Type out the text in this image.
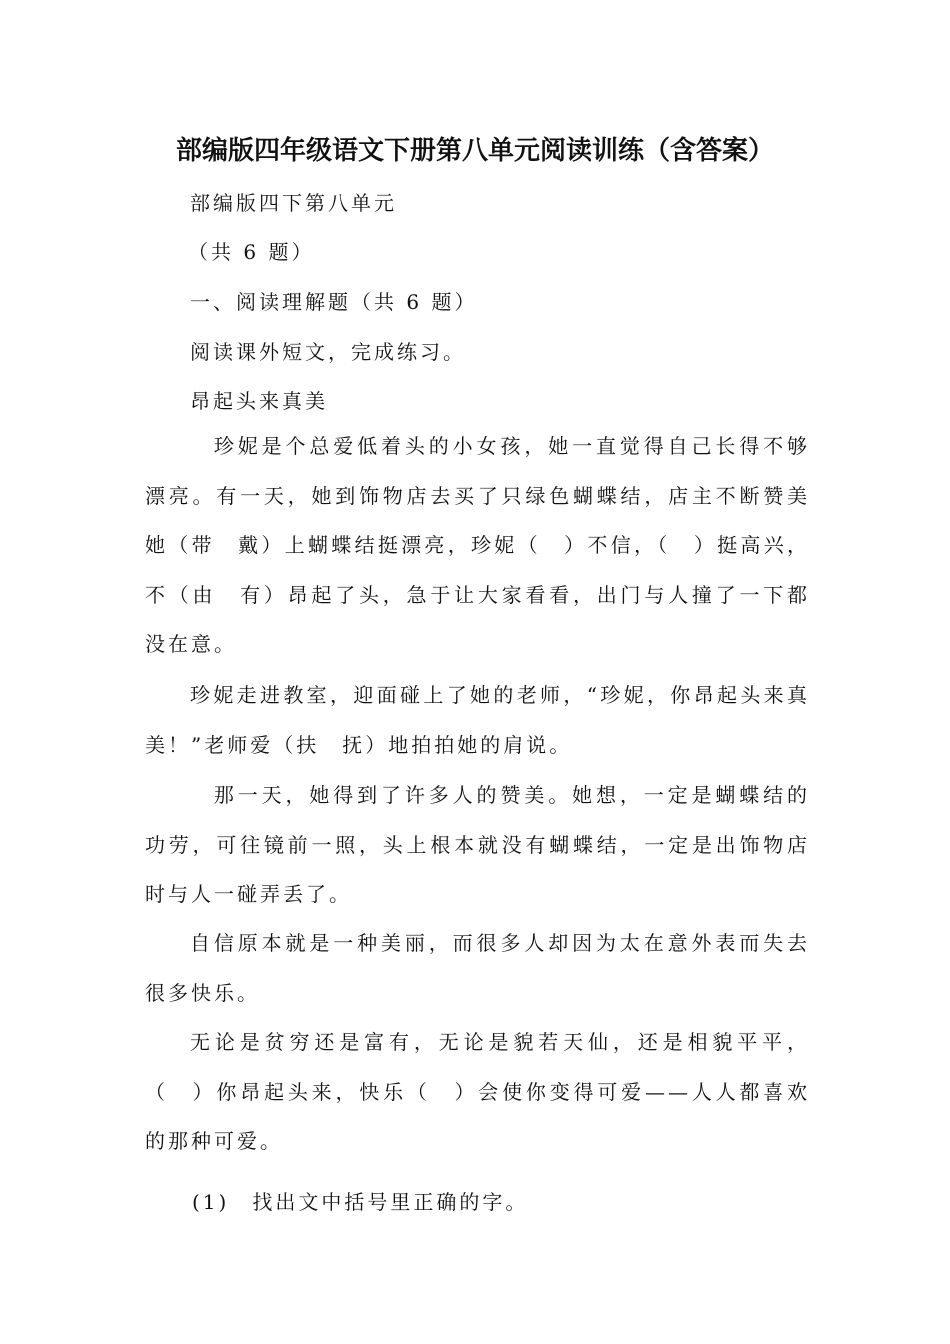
部编版四年级语文下册第八单元阅读训练（含答案）
部编版四下第八单元
（共 6 题）
一、阅读理解题（共 6 题）
阅读课外短文，完成练习。
昂起头来真美

　珍妮是个总爱低着头的小女孩，她一直觉得自己长得不够漂亮。有一天，她到饰物店去买了只绿色蝴蝶结，店主不断赞美她（带　戴）上蝴蝶结挺漂亮，珍妮（　）不信，（　）挺高兴，不（由　有）昂起了头，急于让大家看看，出门与人撞了一下都没在意。

珍妮走进教室，迎面碰上了她的老师，“珍妮，你昂起头来真美！”老师爱（扶　抚）地拍拍她的肩说。

　那一天，她得到了许多人的赞美。她想，一定是蝴蝶结的功劳，可往镜前一照，头上根本就没有蝴蝶结，一定是出饰物店时与人一碰弄丢了。

自信原本就是一种美丽，而很多人却因为太在意外表而失去很多快乐。

无论是贫穷还是富有，无论是貌若天仙，还是相貌平平，（　）你昂起头来，快乐（　）会使你变得可爱——人人都喜欢的那种可爱。

(1)　找出文中括号里正确的字。
